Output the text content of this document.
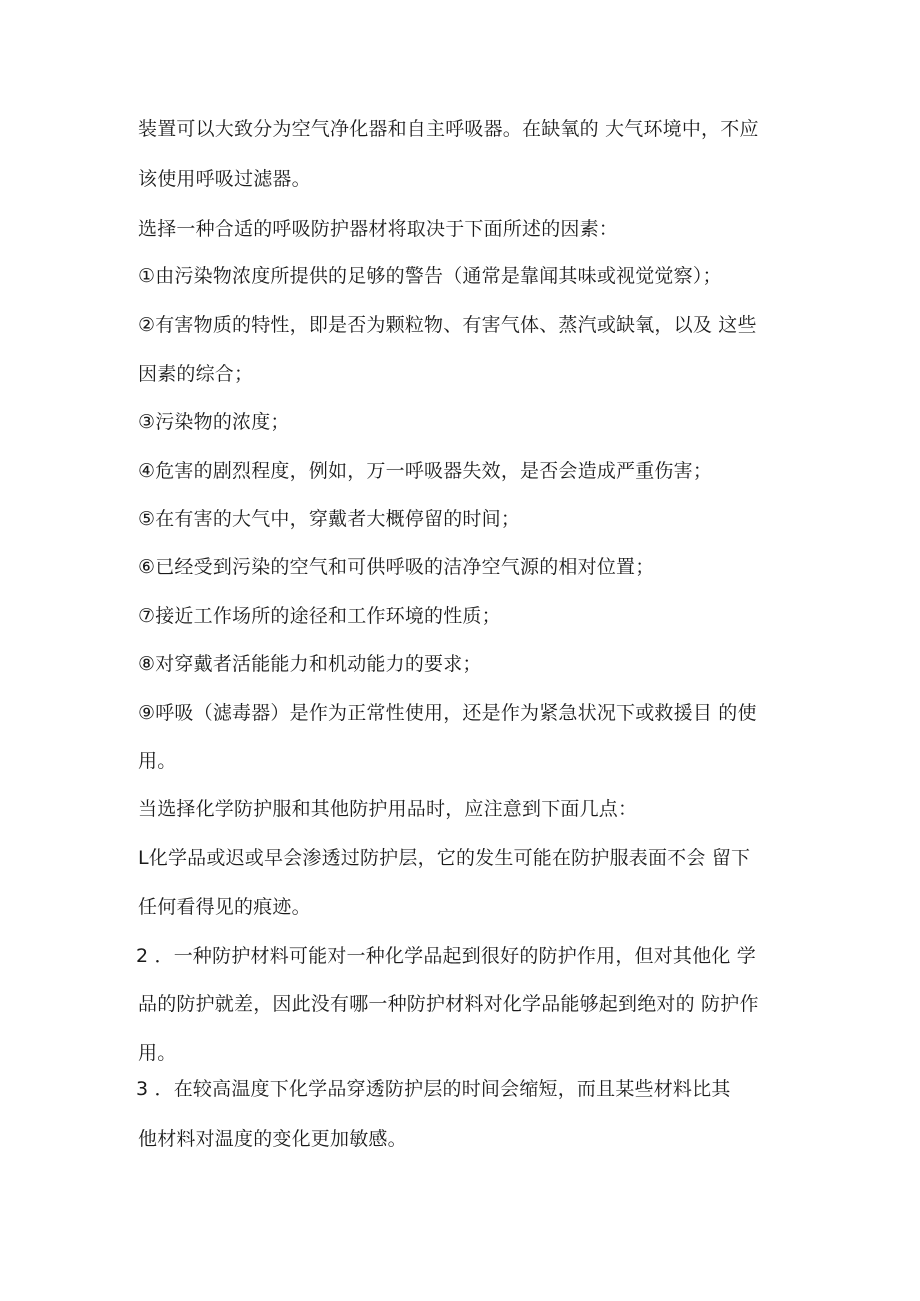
装置可以大致分为空气净化器和自主呼吸器。在缺氧的 大气环境中，不应
该使用呼吸过滤器。
选择一种合适的呼吸防护器材将取决于下面所述的因素：
①由污染物浓度所提供的足够的警告（通常是靠闻其味或视觉觉察）；
②有害物质的特性，即是否为颗粒物、有害气体、蒸汽或缺氧，以及 这些
因素的综合；
③污染物的浓度；
④危害的剧烈程度，例如，万一呼吸器失效，是否会造成严重伤害；
⑤在有害的大气中，穿戴者大概停留的时间；
⑥已经受到污染的空气和可供呼吸的洁净空气源的相对位置；
⑦接近工作场所的途径和工作环境的性质；
⑧对穿戴者活能能力和机动能力的要求；
⑨呼吸（滤毒器）是作为正常性使用，还是作为紧急状况下或救援目 的使
用。
当选择化学防护服和其他防护用品时，应注意到下面几点：
L化学品或迟或早会渗透过防护层，它的发生可能在防护服表面不会 留下
任何看得见的痕迹。
2 ．一种防护材料可能对一种化学品起到很好的防护作用，但对其他化 学
品的防护就差，因此没有哪一种防护材料对化学品能够起到绝对的 防护作
用。
3 ．在较高温度下化学品穿透防护层的时间会缩短，而且某些材料比其
他材料对温度的变化更加敏感。
